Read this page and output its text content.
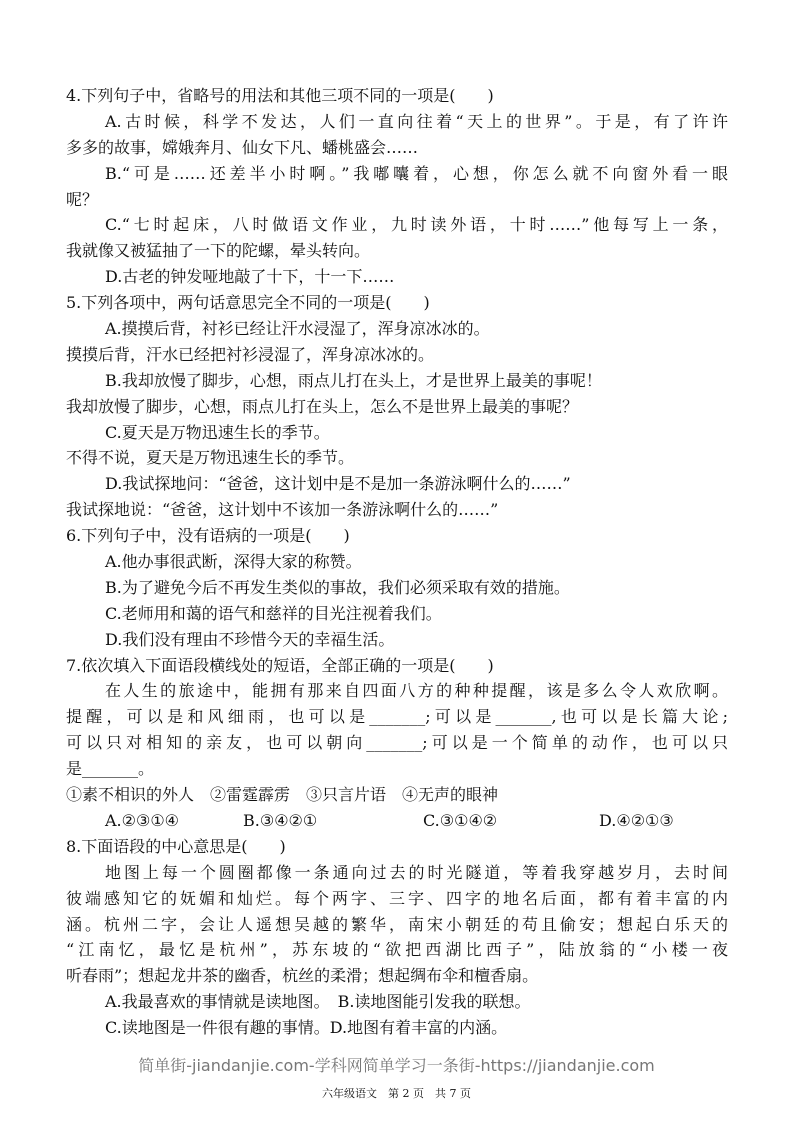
4.下列句子中，省略号的用法和其他三项不同的一项是(　　)
A.古时候，科学不发达，人们一直向往着“天上的世界”。于是，有了许许
多多的故事，嫦娥奔月、仙女下凡、蟠桃盛会……
B.“可是……还差半小时啊。”我嘟囔着，心想，你怎么就不向窗外看一眼
呢？
C.“七时起床，八时做语文作业，九时读外语，十时……”他每写上一条，
我就像又被猛抽了一下的陀螺，晕头转向。
D.古老的钟发哑地敲了十下，十一下……
5.下列各项中，两句话意思完全不同的一项是(　　)
A.摸摸后背，衬衫已经让汗水浸湿了，浑身凉冰冰的。
摸摸后背，汗水已经把衬衫浸湿了，浑身凉冰冰的。
B.我却放慢了脚步，心想，雨点儿打在头上，才是世界上最美的事呢！
我却放慢了脚步，心想，雨点儿打在头上，怎么不是世界上最美的事呢？
C.夏天是万物迅速生长的季节。
不得不说，夏天是万物迅速生长的季节。
D.我试探地问：“爸爸，这计划中是不是加一条游泳啊什么的……”
我试探地说：“爸爸，这计划中不该加一条游泳啊什么的……”
6.下列句子中，没有语病的一项是(　　)
A.他办事很武断，深得大家的称赞。
B.为了避免今后不再发生类似的事故，我们必须采取有效的措施。
C.老师用和蔼的语气和慈祥的目光注视着我们。
D.我们没有理由不珍惜今天的幸福生活。
7.依次填入下面语段横线处的短语，全部正确的一项是(　　)
在人生的旅途中，能拥有那来自四面八方的种种提醒，该是多么令人欢欣啊。
提醒，可以是和风细雨，也可以是_______;可以是_______,也可以是长篇大论;
可以只对相知的亲友，也可以朝向_______;可以是一个简单的动作，也可以只
是_______。
①素不相识的外人　②雷霆霹雳　③只言片语　④无声的眼神
A.②③①④	B.③④②①	C.③①④②	D.④②①③
8.下面语段的中心意思是(　　)
地图上每一个圆圈都像一条通向过去的时光隧道，等着我穿越岁月，去时间
彼端感知它的妩媚和灿烂。每个两字、三字、四字的地名后面，都有着丰富的内
涵。杭州二字，会让人遥想吴越的繁华，南宋小朝廷的苟且偷安；想起白乐天的
“江南忆，最忆是杭州”，苏东坡的“欲把西湖比西子”，陆放翁的“小楼一夜
听春雨”；想起龙井茶的幽香，杭丝的柔滑；想起绸布伞和檀香扇。
A.我最喜欢的事情就是读地图。　B.读地图能引发我的联想。
C.读地图是一件很有趣的事情。D.地图有着丰富的内涵。
简单街-jiandanjie.com-学科网简单学习一条街-https://jiandanjie.com
六年级语文　第 2 页　共 7 页
